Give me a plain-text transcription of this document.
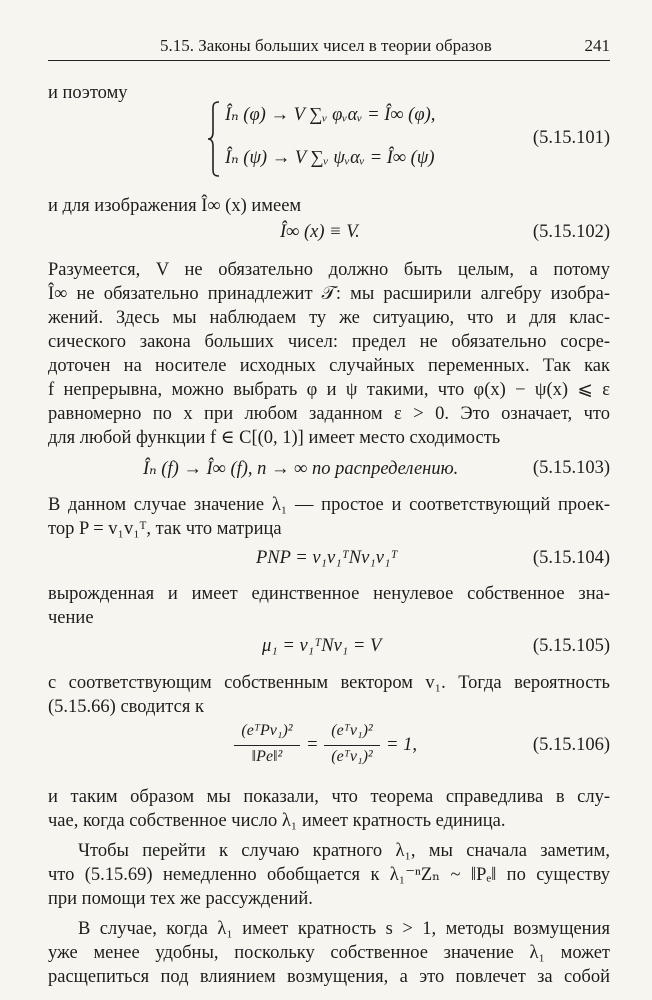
5.15. Законы больших чисел в теории образов	241
и поэтому
Îₙ (φ) → V ∑ᵥ φᵥαᵥ = Î∞ (φ),
Îₙ (ψ) → V ∑ᵥ ψᵥαᵥ = Î∞ (ψ)
(5.15.101)
и для изображения Î∞ (x) имеем
Î∞ (x) ≡ V.	(5.15.102)
Разумеется, V не обязательно должно быть целым, а потому
Î∞ не обязательно принадлежит 𝒯: мы расширили алгебру изобра-
жений. Здесь мы наблюдаем ту же ситуацию, что и для клас-
сического закона больших чисел: предел не обязательно сосре-
доточен на носителе исходных случайных переменных. Так как
f непрерывна, можно выбрать φ и ψ такими, что φ(x) − ψ(x) ⩽ ε
равномерно по x при любом заданном ε > 0. Это означает, что
для любой функции f ∈ C[(0, 1)] имеет место сходимость
Îₙ (f) → Î∞ (f), n → ∞ по распределению.	(5.15.103)
В данном случае значение λ₁ — простое и соответствующий проек-
тор P = v₁v₁ᵀ, так что матрица
PNP = v₁v₁ᵀNv₁v₁ᵀ	(5.15.104)
вырожденная и имеет единственное ненулевое собственное зна-
чение
μ₁ = v₁ᵀNv₁ = V	(5.15.105)
с соответствующим собственным вектором v₁. Тогда вероятность
(5.15.66) сводится к
(eᵀPv₁)²
‖Pe‖²
=
(eᵀv₁)²
(eᵀv₁)²
= 1,	(5.15.106)
и таким образом мы показали, что теорема справедлива в слу-
чае, когда собственное число λ₁ имеет кратность единица.
Чтобы перейти к случаю кратного λ₁, мы сначала заметим,
что (5.15.69) немедленно обобщается к λ₁⁻ⁿZₙ ~ ‖Pₑ‖ по существу
при помощи тех же рассуждений.
В случае, когда λ₁ имеет кратность s > 1, методы возмущения
уже менее удобны, поскольку собственное значение λ₁ может
расщепиться под влиянием возмущения, а это повлечет за собой
